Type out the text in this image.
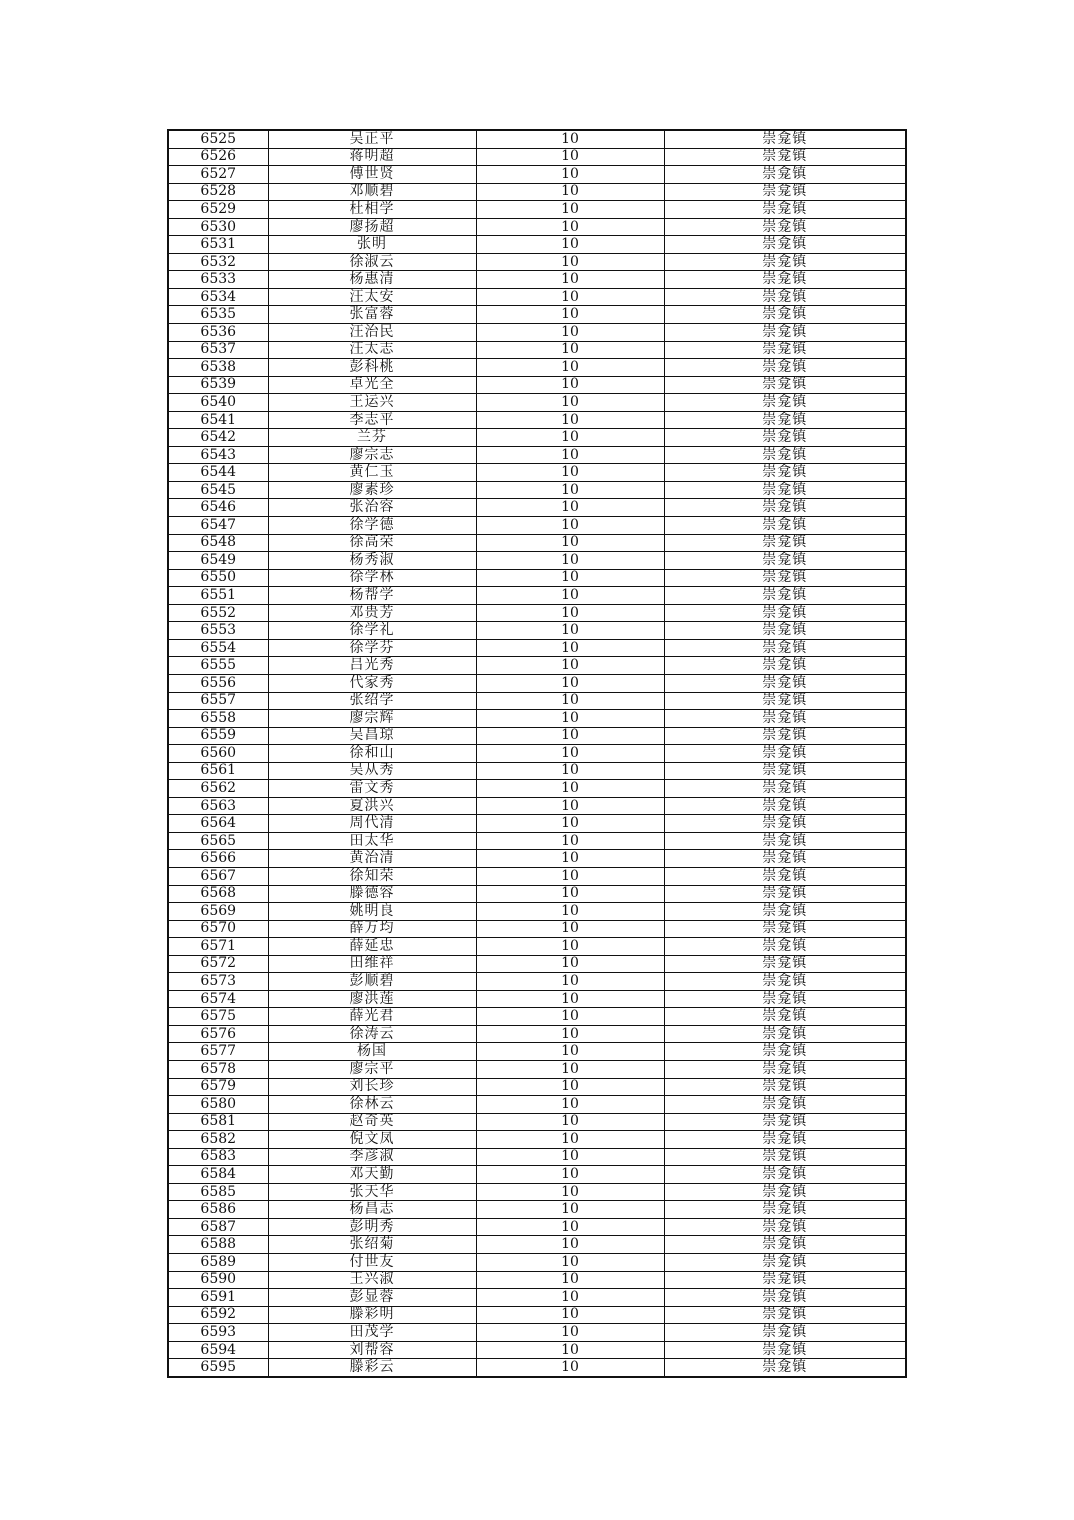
6525	吴正平	10	崇龛镇
6526	蒋明超	10	崇龛镇
6527	傅世贤	10	崇龛镇
6528	邓顺碧	10	崇龛镇
6529	杜相学	10	崇龛镇
6530	廖扬超	10	崇龛镇
6531	张明	10	崇龛镇
6532	徐淑云	10	崇龛镇
6533	杨惠清	10	崇龛镇
6534	汪太安	10	崇龛镇
6535	张富蓉	10	崇龛镇
6536	汪治民	10	崇龛镇
6537	汪太志	10	崇龛镇
6538	彭科桃	10	崇龛镇
6539	卓光全	10	崇龛镇
6540	王运兴	10	崇龛镇
6541	李志平	10	崇龛镇
6542	兰芬	10	崇龛镇
6543	廖宗志	10	崇龛镇
6544	黄仁玉	10	崇龛镇
6545	廖素珍	10	崇龛镇
6546	张治容	10	崇龛镇
6547	徐学德	10	崇龛镇
6548	徐高荣	10	崇龛镇
6549	杨秀淑	10	崇龛镇
6550	徐学林	10	崇龛镇
6551	杨帮学	10	崇龛镇
6552	邓贵芳	10	崇龛镇
6553	徐学礼	10	崇龛镇
6554	徐学芬	10	崇龛镇
6555	吕光秀	10	崇龛镇
6556	代家秀	10	崇龛镇
6557	张绍学	10	崇龛镇
6558	廖宗辉	10	崇龛镇
6559	吴昌琼	10	崇龛镇
6560	徐和山	10	崇龛镇
6561	吴从秀	10	崇龛镇
6562	雷文秀	10	崇龛镇
6563	夏洪兴	10	崇龛镇
6564	周代清	10	崇龛镇
6565	田太华	10	崇龛镇
6566	黄治清	10	崇龛镇
6567	徐知荣	10	崇龛镇
6568	滕德容	10	崇龛镇
6569	姚明良	10	崇龛镇
6570	薛万均	10	崇龛镇
6571	薛延忠	10	崇龛镇
6572	田维祥	10	崇龛镇
6573	彭顺碧	10	崇龛镇
6574	廖洪莲	10	崇龛镇
6575	薛光君	10	崇龛镇
6576	徐涛云	10	崇龛镇
6577	杨国	10	崇龛镇
6578	廖宗平	10	崇龛镇
6579	刘长珍	10	崇龛镇
6580	徐林云	10	崇龛镇
6581	赵奇英	10	崇龛镇
6582	倪文凤	10	崇龛镇
6583	李彦淑	10	崇龛镇
6584	邓天勤	10	崇龛镇
6585	张天华	10	崇龛镇
6586	杨昌志	10	崇龛镇
6587	彭明秀	10	崇龛镇
6588	张绍菊	10	崇龛镇
6589	付世友	10	崇龛镇
6590	王兴淑	10	崇龛镇
6591	彭显蓉	10	崇龛镇
6592	滕彩明	10	崇龛镇
6593	田茂学	10	崇龛镇
6594	刘帮容	10	崇龛镇
6595	滕彩云	10	崇龛镇
